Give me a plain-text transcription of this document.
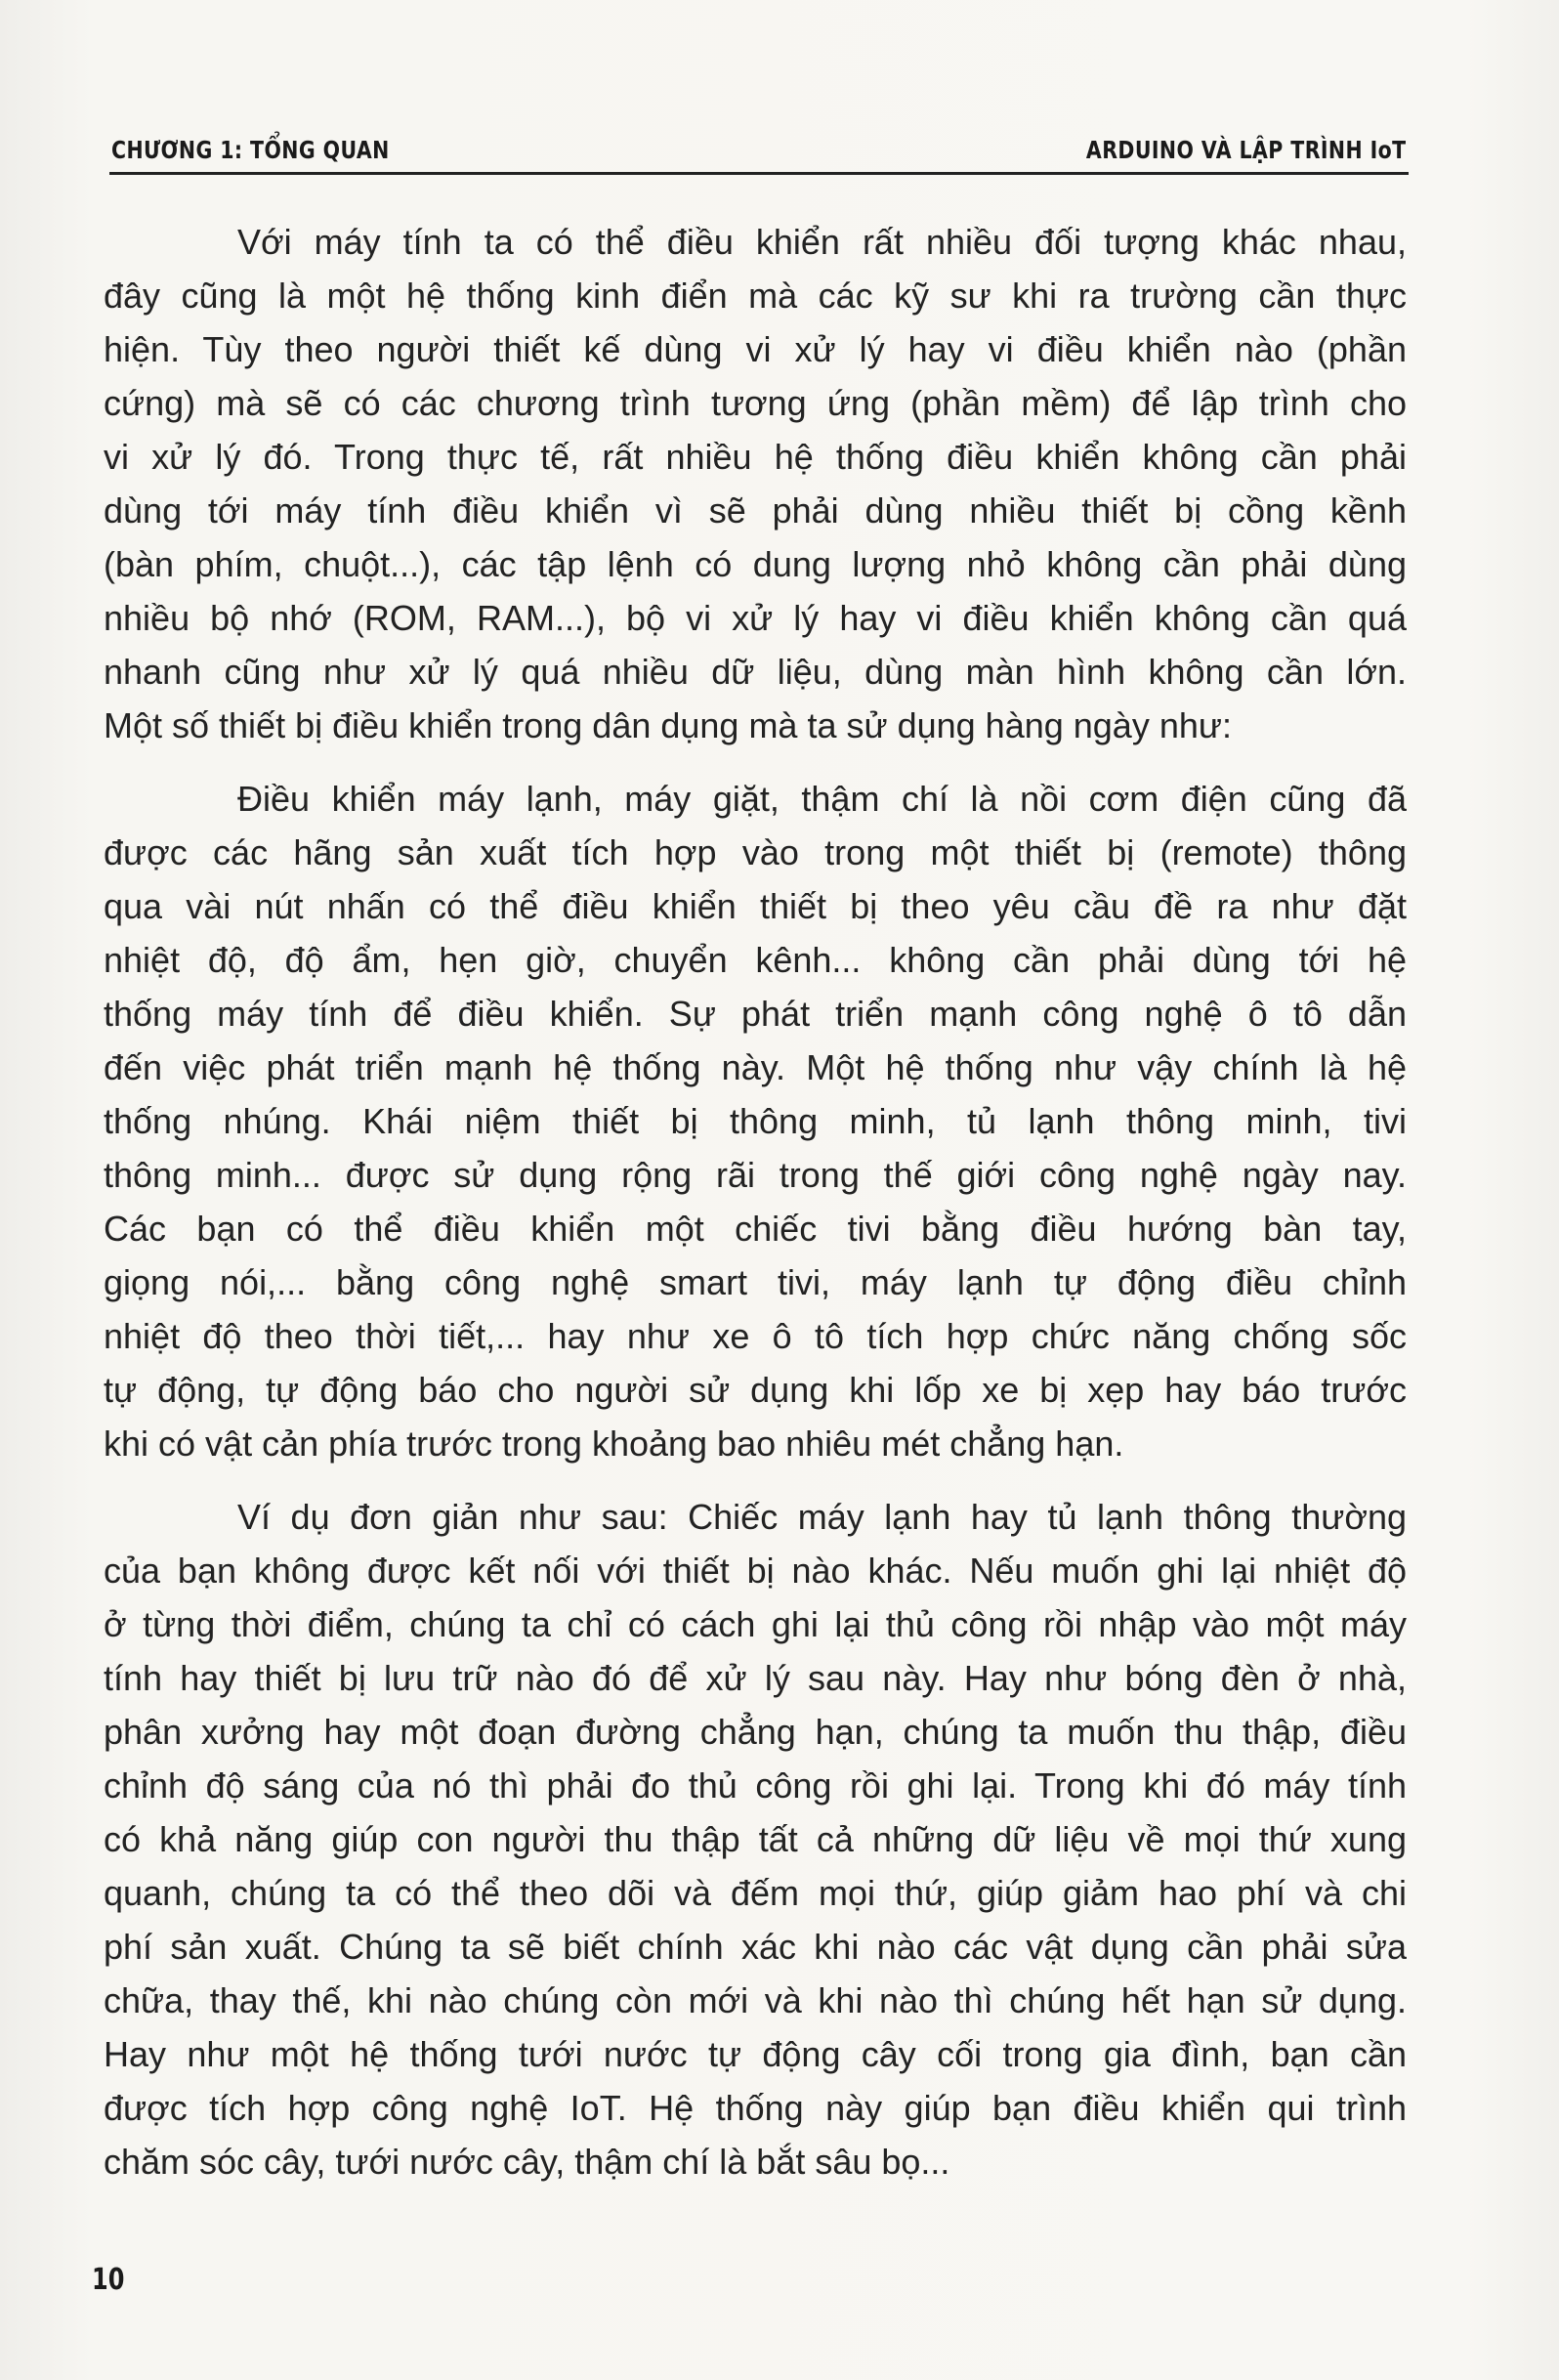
CHƯƠNG 1: TỔNG QUAN	ARDUINO VÀ LẬP TRÌNH IoT
Với máy tính ta có thể điều khiển rất nhiều đối tượng khác nhau,
đây cũng là một hệ thống kinh điển mà các kỹ sư khi ra trường cần thực
hiện. Tùy theo người thiết kế dùng vi xử lý hay vi điều khiển nào (phần
cứng) mà sẽ có các chương trình tương ứng (phần mềm) để lập trình cho
vi xử lý đó. Trong thực tế, rất nhiều hệ thống điều khiển không cần phải
dùng tới máy tính điều khiển vì sẽ phải dùng nhiều thiết bị cồng kềnh
(bàn phím, chuột...), các tập lệnh có dung lượng nhỏ không cần phải dùng
nhiều bộ nhớ (ROM, RAM...), bộ vi xử lý hay vi điều khiển không cần quá
nhanh cũng như xử lý quá nhiều dữ liệu, dùng màn hình không cần lớn.
Một số thiết bị điều khiển trong dân dụng mà ta sử dụng hàng ngày như:
Điều khiển máy lạnh, máy giặt, thậm chí là nồi cơm điện cũng đã
được các hãng sản xuất tích hợp vào trong một thiết bị (remote) thông
qua vài nút nhấn có thể điều khiển thiết bị theo yêu cầu đề ra như đặt
nhiệt độ, độ ẩm, hẹn giờ, chuyển kênh... không cần phải dùng tới hệ
thống máy tính để điều khiển. Sự phát triển mạnh công nghệ ô tô dẫn
đến việc phát triển mạnh hệ thống này. Một hệ thống như vậy chính là hệ
thống nhúng. Khái niệm thiết bị thông minh, tủ lạnh thông minh, tivi
thông minh... được sử dụng rộng rãi trong thế giới công nghệ ngày nay.
Các bạn có thể điều khiển một chiếc tivi bằng điều hướng bàn tay,
giọng nói,... bằng công nghệ smart tivi, máy lạnh tự động điều chỉnh
nhiệt độ theo thời tiết,... hay như xe ô tô tích hợp chức năng chống sốc
tự động, tự động báo cho người sử dụng khi lốp xe bị xẹp hay báo trước
khi có vật cản phía trước trong khoảng bao nhiêu mét chẳng hạn.
Ví dụ đơn giản như sau: Chiếc máy lạnh hay tủ lạnh thông thường
của bạn không được kết nối với thiết bị nào khác. Nếu muốn ghi lại nhiệt độ
ở từng thời điểm, chúng ta chỉ có cách ghi lại thủ công rồi nhập vào một máy
tính hay thiết bị lưu trữ nào đó để xử lý sau này. Hay như bóng đèn ở nhà,
phân xưởng hay một đoạn đường chẳng hạn, chúng ta muốn thu thập, điều
chỉnh độ sáng của nó thì phải đo thủ công rồi ghi lại. Trong khi đó máy tính
có khả năng giúp con người thu thập tất cả những dữ liệu về mọi thứ xung
quanh, chúng ta có thể theo dõi và đếm mọi thứ, giúp giảm hao phí và chi
phí sản xuất. Chúng ta sẽ biết chính xác khi nào các vật dụng cần phải sửa
chữa, thay thế, khi nào chúng còn mới và khi nào thì chúng hết hạn sử dụng.
Hay như một hệ thống tưới nước tự động cây cối trong gia đình, bạn cần
được tích hợp công nghệ IoT. Hệ thống này giúp bạn điều khiển qui trình
chăm sóc cây, tưới nước cây, thậm chí là bắt sâu bọ...
10
